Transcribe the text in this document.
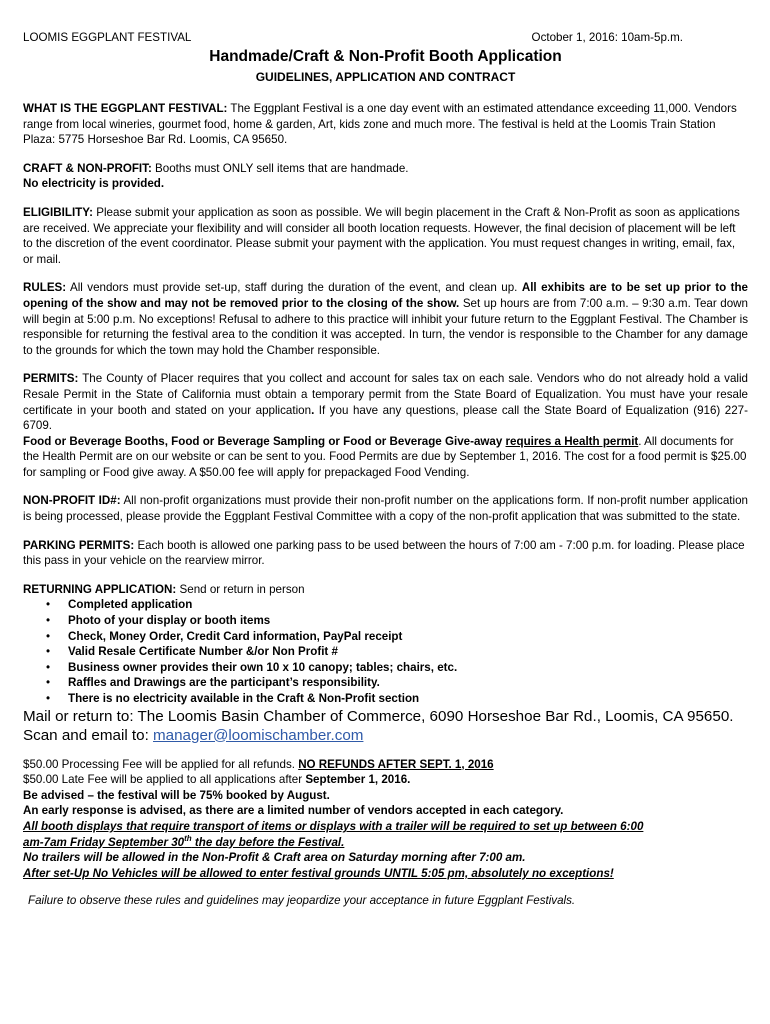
LOOMIS EGGPLANT FESTIVAL	October 1, 2016: 10am-5p.m.
Handmade/Craft & Non-Profit Booth Application
GUIDELINES, APPLICATION AND CONTRACT

WHAT IS THE EGGPLANT FESTIVAL: The Eggplant Festival is a one day event with an estimated attendance exceeding 11,000. Vendors range from local wineries, gourmet food, home & garden, Art, kids zone and much more. The festival is held at the Loomis Train Station Plaza: 5775 Horseshoe Bar Rd. Loomis, CA 95650.

CRAFT & NON-PROFIT: Booths must ONLY sell items that are handmade.

No electricity is provided.

ELIGIBILITY: Please submit your application as soon as possible. We will begin placement in the Craft & Non-Profit as soon as applications are received. We appreciate your flexibility and will consider all booth location requests. However, the final decision of placement will be left to the discretion of the event coordinator. Please submit your payment with the application. You must request changes in writing, email, fax, or mail.

RULES: All vendors must provide set-up, staff during the duration of the event, and clean up. All exhibits are to be set up prior to the opening of the show and may not be removed prior to the closing of the show. Set up hours are from 7:00 a.m. – 9:30 a.m. Tear down will begin at 5:00 p.m. No exceptions! Refusal to adhere to this practice will inhibit your future return to the Eggplant Festival. The Chamber is responsible for returning the festival area to the condition it was accepted. In turn, the vendor is responsible to the Chamber for any damage to the grounds for which the town may hold the Chamber responsible.

PERMITS: The County of Placer requires that you collect and account for sales tax on each sale. Vendors who do not already hold a valid Resale Permit in the State of California must obtain a temporary permit from the State Board of Equalization. You must have your resale certificate in your booth and stated on your application. If you have any questions, please call the State Board of Equalization (916) 227-6709.

Food or Beverage Booths, Food or Beverage Sampling or Food or Beverage Give-away requires a Health permit. All documents for the Health Permit are on our website or can be sent to you. Food Permits are due by September 1, 2016. The cost for a food permit is $25.00 for sampling or Food give away. A $50.00 fee will apply for prepackaged Food Vending.

NON-PROFIT ID#: All non-profit organizations must provide their non-profit number on the applications form. If non-profit number application is being processed, please provide the Eggplant Festival Committee with a copy of the non-profit application that was submitted to the state.

PARKING PERMITS: Each booth is allowed one parking pass to be used between the hours of 7:00 am - 7:00 p.m. for loading. Please place this pass in your vehicle on the rearview mirror.

RETURNING APPLICATION: Send or return in person

• Completed application
• Photo of your display or booth items
• Check, Money Order, Credit Card information, PayPal receipt
• Valid Resale Certificate Number &/or Non Profit #
• Business owner provides their own 10 x 10 canopy; tables; chairs, etc.
• Raffles and Drawings are the participant’s responsibility.
• There is no electricity available in the Craft & Non-Profit section

Mail or return to: The Loomis Basin Chamber of Commerce, 6090 Horseshoe Bar Rd., Loomis, CA 95650.

Scan and email to: manager@loomischamber.com

$50.00 Processing Fee will be applied for all refunds. NO REFUNDS AFTER SEPT. 1, 2016

$50.00 Late Fee will be applied to all applications after September 1, 2016.

Be advised – the festival will be 75% booked by August.

An early response is advised, as there are a limited number of vendors accepted in each category.

All booth displays that require transport of items or displays with a trailer will be required to set up between 6:00 am-7am Friday September 30th the day before the Festival.

No trailers will be allowed in the Non-Profit & Craft area on Saturday morning after 7:00 am.

After set-Up No Vehicles will be allowed to enter festival grounds UNTIL 5:05 pm, absolutely no exceptions!

Failure to observe these rules and guidelines may jeopardize your acceptance in future Eggplant Festivals.
